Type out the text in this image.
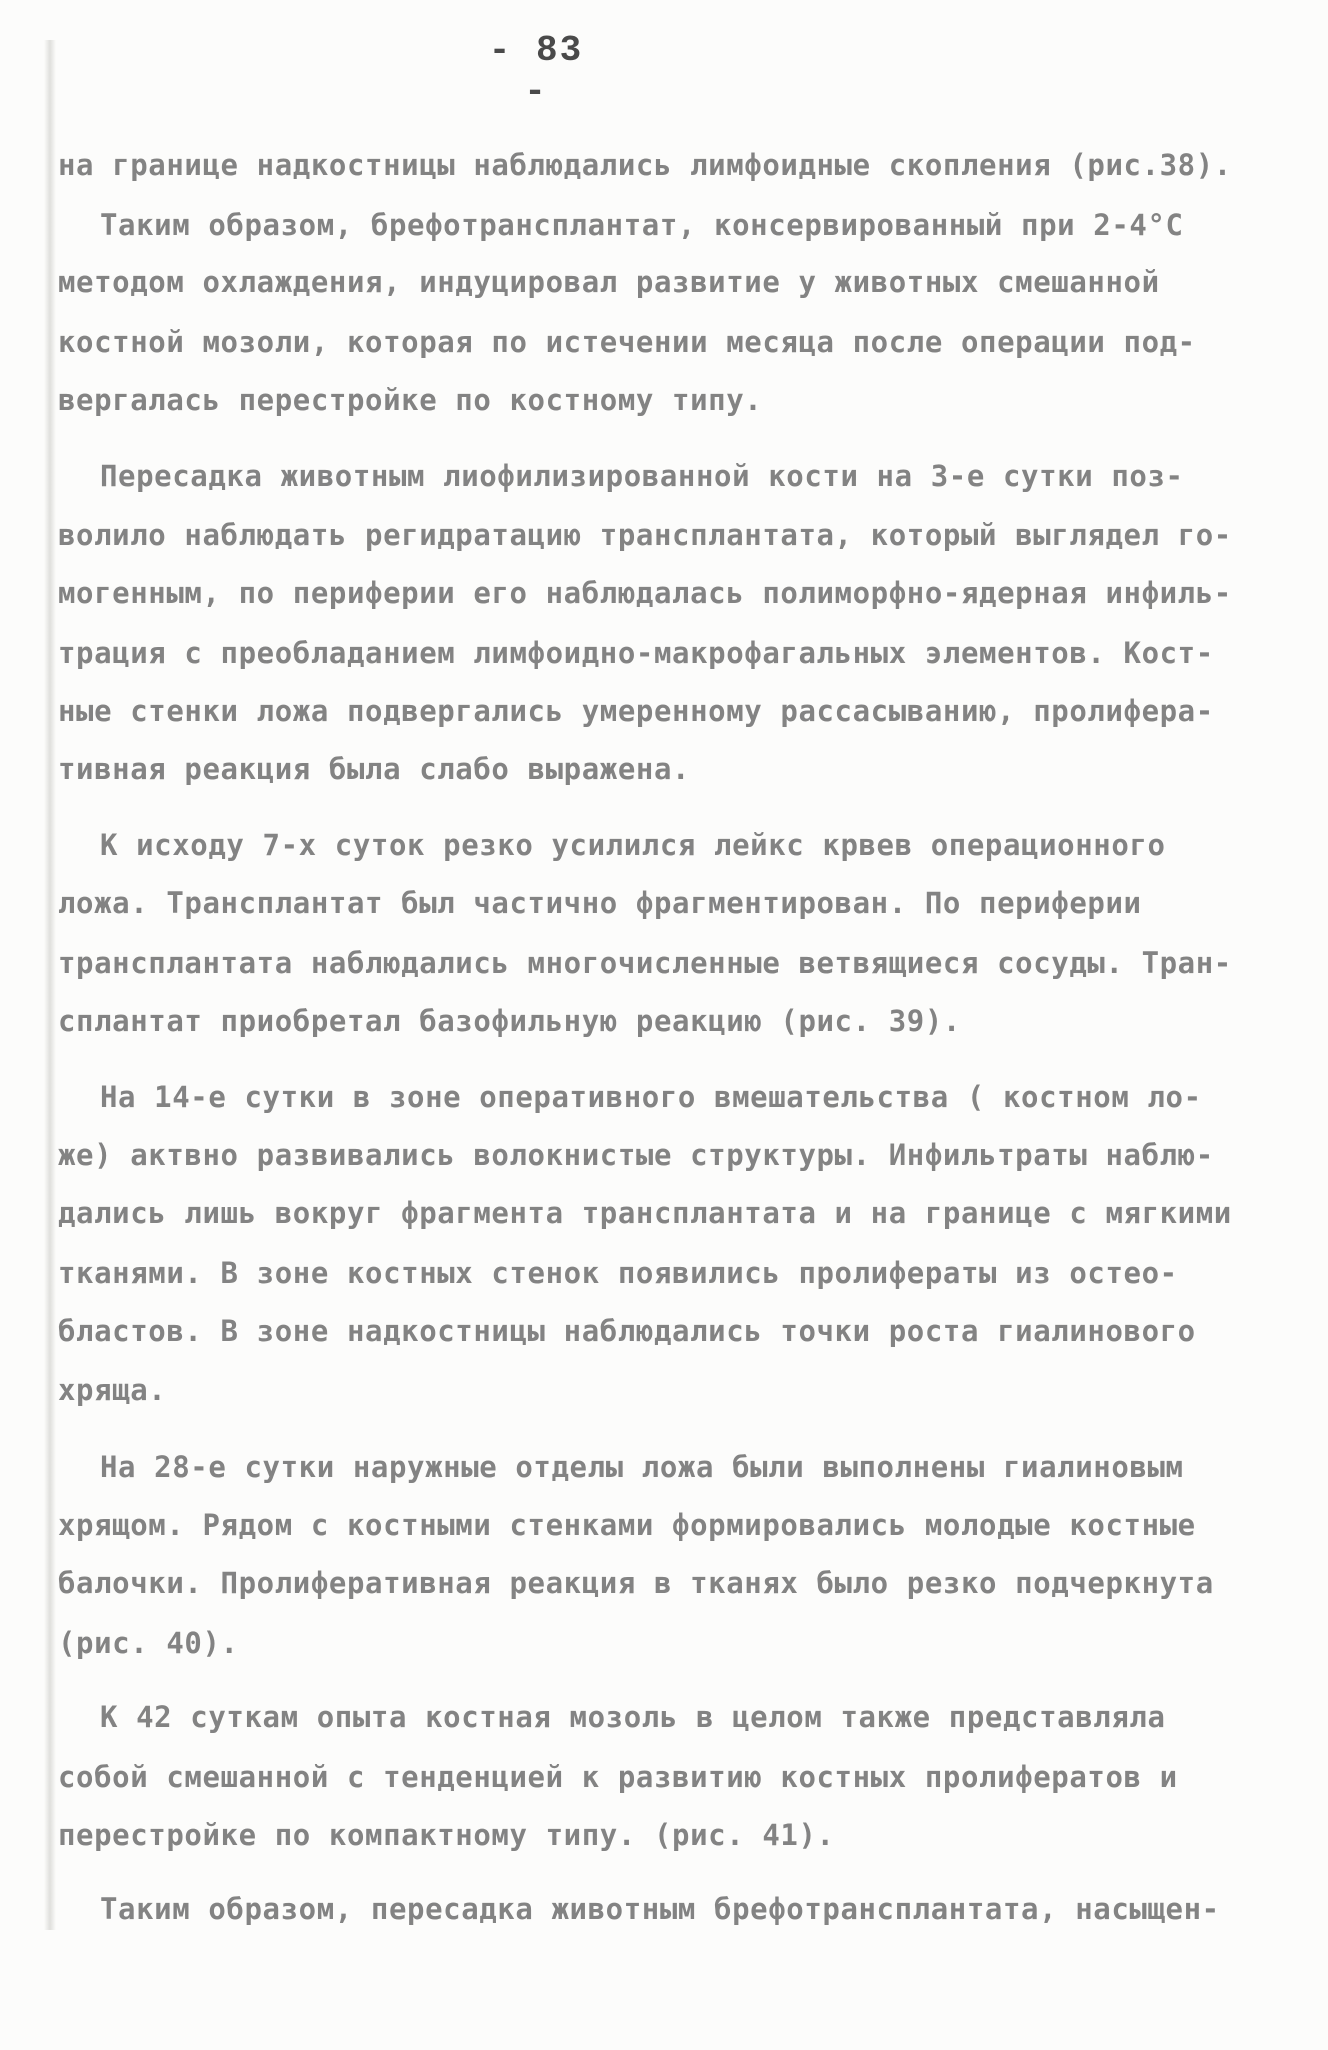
- 83 -
на границе надкостницы наблюдались лимфоидные скопления (рис.38).
Таким образом, брефотрансплантат, консервированный при 2-4°С
методом охлаждения, индуцировал развитие у животных смешанной
костной мозоли, которая по истечении месяца после операции под-
вергалась перестройке по костному типу.
Пересадка животным лиофилизированной кости на 3-е сутки поз-
волило наблюдать регидратацию трансплантата, который выглядел го-
могенным, по периферии его наблюдалась полиморфно-ядерная инфиль-
трация с преобладанием лимфоидно-макрофагальных элементов. Кост-
ные стенки ложа подвергались умеренному рассасыванию, пролифера-
тивная реакция была слабо выражена.
К исходу 7-х суток резко усилился лейкс крвев операционного
ложа. Трансплантат был частично фрагментирован. По периферии
трансплантата наблюдались многочисленные ветвящиеся сосуды. Тран-
сплантат приобретал базофильную реакцию (рис. 39).
На 14-е сутки в зоне оперативного вмешательства ( костном ло-
же) актвно развивались волокнистые структуры. Инфильтраты наблю-
дались лишь вокруг фрагмента трансплантата и на границе с мягкими
тканями. В зоне костных стенок появились пролифераты из остео-
бластов. В зоне надкостницы наблюдались точки роста гиалинового
хряща.
На 28-е сутки наружные отделы ложа были выполнены гиалиновым
хрящом. Рядом с костными стенками формировались молодые костные
балочки. Пролиферативная реакция в тканях было резко подчеркнута
(рис. 40).
К 42 суткам опыта костная мозоль в целом также представляла
собой смешанной с тенденцией к развитию костных пролифератов и
перестройке по компактному типу. (рис. 41).
Таким образом, пересадка животным брефотрансплантата, насыщен-
